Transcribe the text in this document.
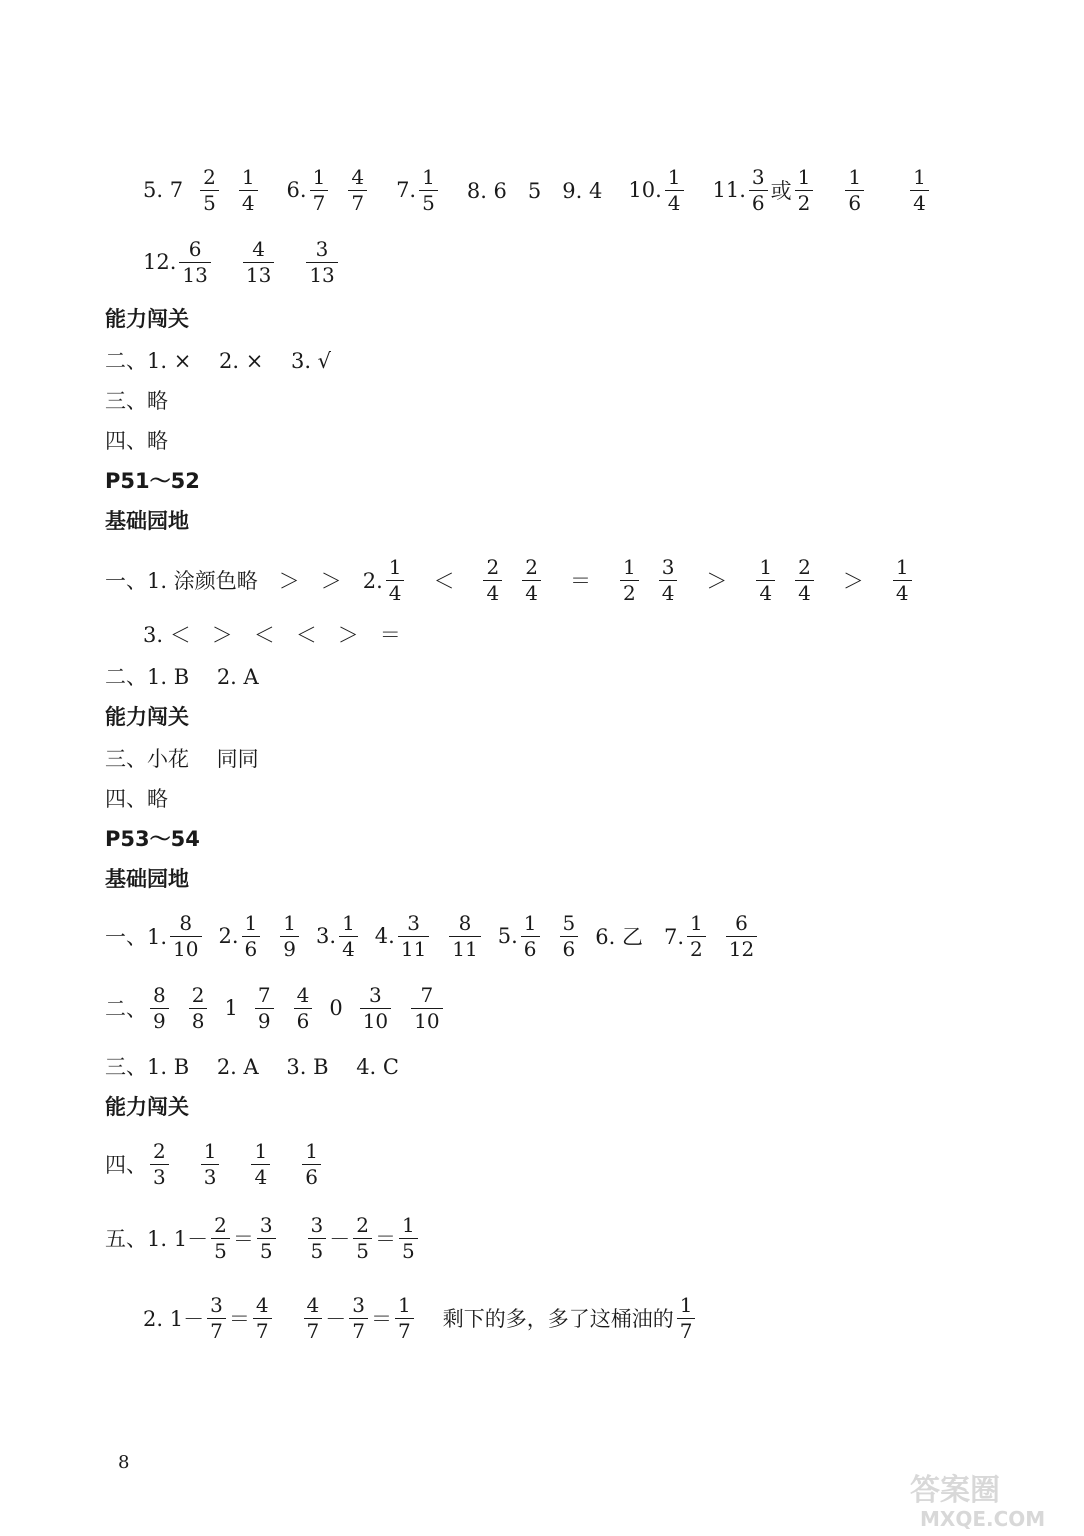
5. $7 \frac{2}{5} \frac{1}{4} 6$. $\frac{1}{7} \frac{4}{7} 7$. $\frac{1}{5} 8$. 6　5　9. 4 10. $\frac{1}{4} 11$. $\frac{3}{6}$ 或 $\frac{1}{2} \frac{1}{6} \frac{1}{4}$
12. $\frac{6}{13} \frac{4}{13} \frac{3}{13}$
能力闯关
二、1. ×　 2. ×　 3. √
三、略
四、略
P51～52
基础园地
一、1. 涂颜色略　＞　＞　2. $\frac{1}{4} < \frac{2}{4} \frac{2}{4} = \frac{1}{2} \frac{3}{4} > \frac{1}{4} \frac{2}{4} > \frac{1}{4}$
3. ＜　＞　＜　＜　＞　＝
二、1. B　 2. A
能力闯关
三、小花　 同同
四、略
P53～54
基础园地
一、1. $\frac{8}{10} 2$. $\frac{1}{6} \frac{1}{9} 3$. $\frac{1}{4} 4$. $\frac{3}{11} \frac{8}{11} 5$. $\frac{1}{6} \frac{5}{6} 6$. 乙　7. $\frac{1}{2} \frac{6}{12}$
二、 $\frac{8}{9} \frac{2}{8} 1 \frac{7}{9} \frac{4}{6} 0 \frac{3}{10} \frac{7}{10}$
三、1. B　 2. A　 3. B　 4. C
能力闯关
四、 $\frac{2}{3} \frac{1}{3} \frac{1}{4} \frac{1}{6}$
五、1. $1- \frac{2}{5} = \frac{3}{5} \frac{3}{5} - \frac{2}{5} = \frac{1}{5}$
2. $1- \frac{3}{7} = \frac{4}{7} \frac{4}{7} - \frac{3}{7} = \frac{1}{7}$ 剩下的多，多了这桶油的 $\frac{1}{7}$
8
答案圈
MXQE.COM
